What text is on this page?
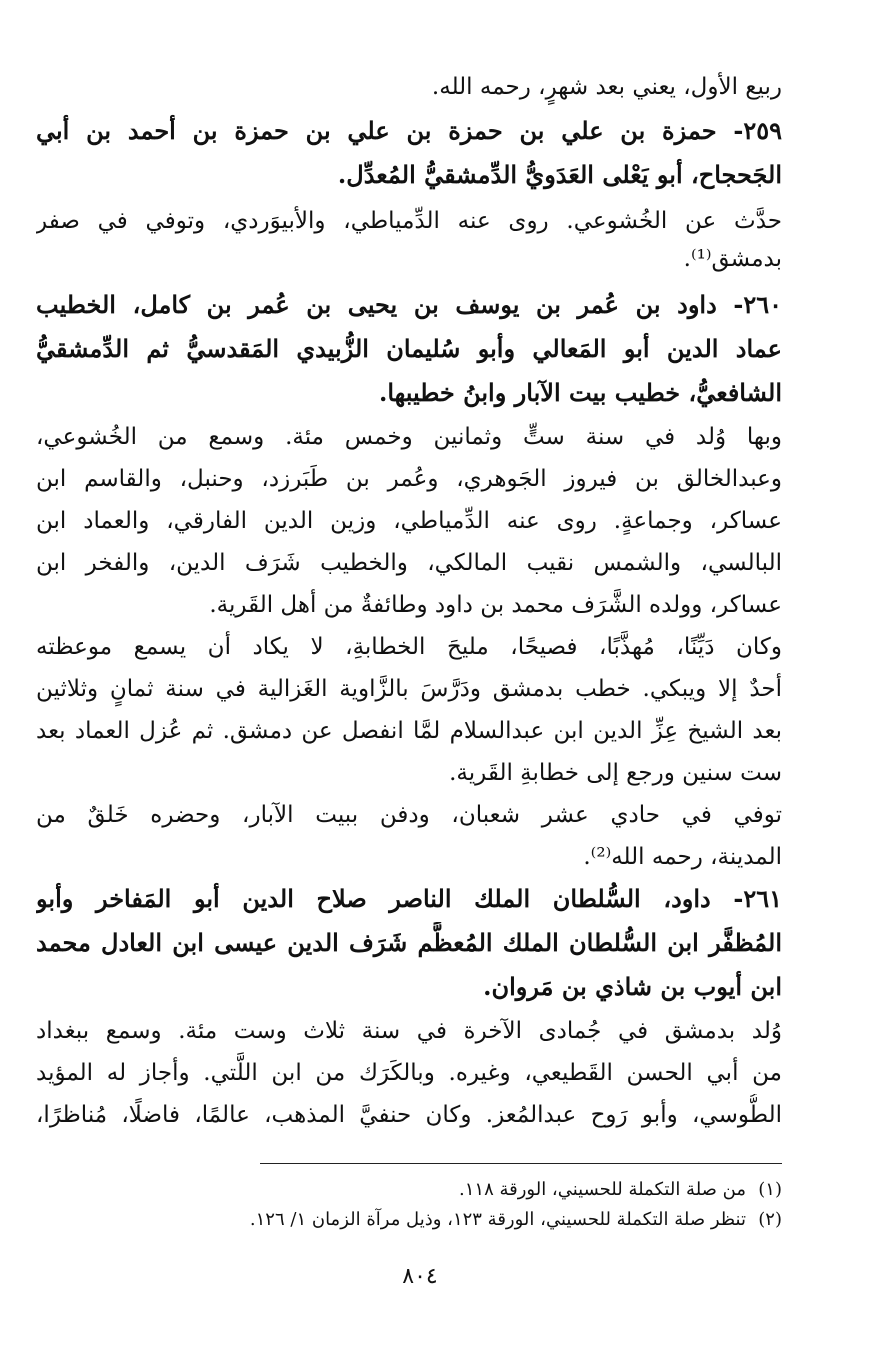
ربيع الأول، يعني بعد شهرٍ، رحمه الله.
٢٥٩- حمزة بن علي بن حمزة بن علي بن حمزة بن أحمد بن أبي
الجَحجاح، أبو يَعْلى العَدَويُّ الدِّمشقيُّ المُعدِّل.
حدَّث عن الخُشوعي. روى عنه الدِّمياطي، والأبيوَردي، وتوفي في صفر
بدمشق⁽¹⁾.
٢٦٠- داود بن عُمر بن يوسف بن يحيى بن عُمر بن كامل، الخطيب
عماد الدين أبو المَعالي وأبو سُليمان الزُّبيدي المَقدسيُّ ثم الدِّمشقيُّ
الشافعيُّ، خطيب بيت الآبار وابنُ خطيبها.
وبها وُلد في سنة ستٍّ وثمانين وخمس مئة. وسمع من الخُشوعي،
وعبدالخالق بن فيروز الجَوهري، وعُمر بن طَبَرزد، وحنبل، والقاسم ابن
عساكر، وجماعةٍ. روى عنه الدِّمياطي، وزين الدين الفارقي، والعماد ابن
البالسي، والشمس نقيب المالكي، والخطيب شَرَف الدين، والفخر ابن
عساكر، وولده الشَّرَف محمد بن داود وطائفةٌ من أهل القَرية.
وكان دَيِّنًا، مُهذَّبًا، فصيحًا، مليحَ الخطابةِ، لا يكاد أن يسمع موعظته
أحدٌ إلا ويبكي. خطب بدمشق ودَرَّسَ بالزَّاوية الغَزالية في سنة ثمانٍ وثلاثين
بعد الشيخ عِزِّ الدين ابن عبدالسلام لمَّا انفصل عن دمشق. ثم عُزل العماد بعد
ست سنين ورجع إلى خطابةِ القَرية.
توفي في حادي عشر شعبان، ودفن ببيت الآبار، وحضره خَلقٌ من
المدينة، رحمه الله⁽²⁾.
٢٦١- داود، السُّلطان الملك الناصر صلاح الدين أبو المَفاخر وأبو
المُظفَّر ابن السُّلطان الملك المُعظَّم شَرَف الدين عيسى ابن العادل محمد
ابن أيوب بن شاذي بن مَروان.
وُلد بدمشق في جُمادى الآخرة في سنة ثلاث وست مئة. وسمع ببغداد
من أبي الحسن القَطيعي، وغيره. وبالكَرَك من ابن اللَّتي. وأجاز له المؤيد
الطُّوسي، وأبو رَوح عبدالمُعز. وكان حنفيَّ المذهب، عالمًا، فاضلًا، مُناظرًا،
(١)من صلة التكملة للحسيني، الورقة ١١٨.
(٢)تنظر صلة التكملة للحسيني، الورقة ١٢٣، وذيل مرآة الزمان ١/ ١٢٦.
٨٠٤
